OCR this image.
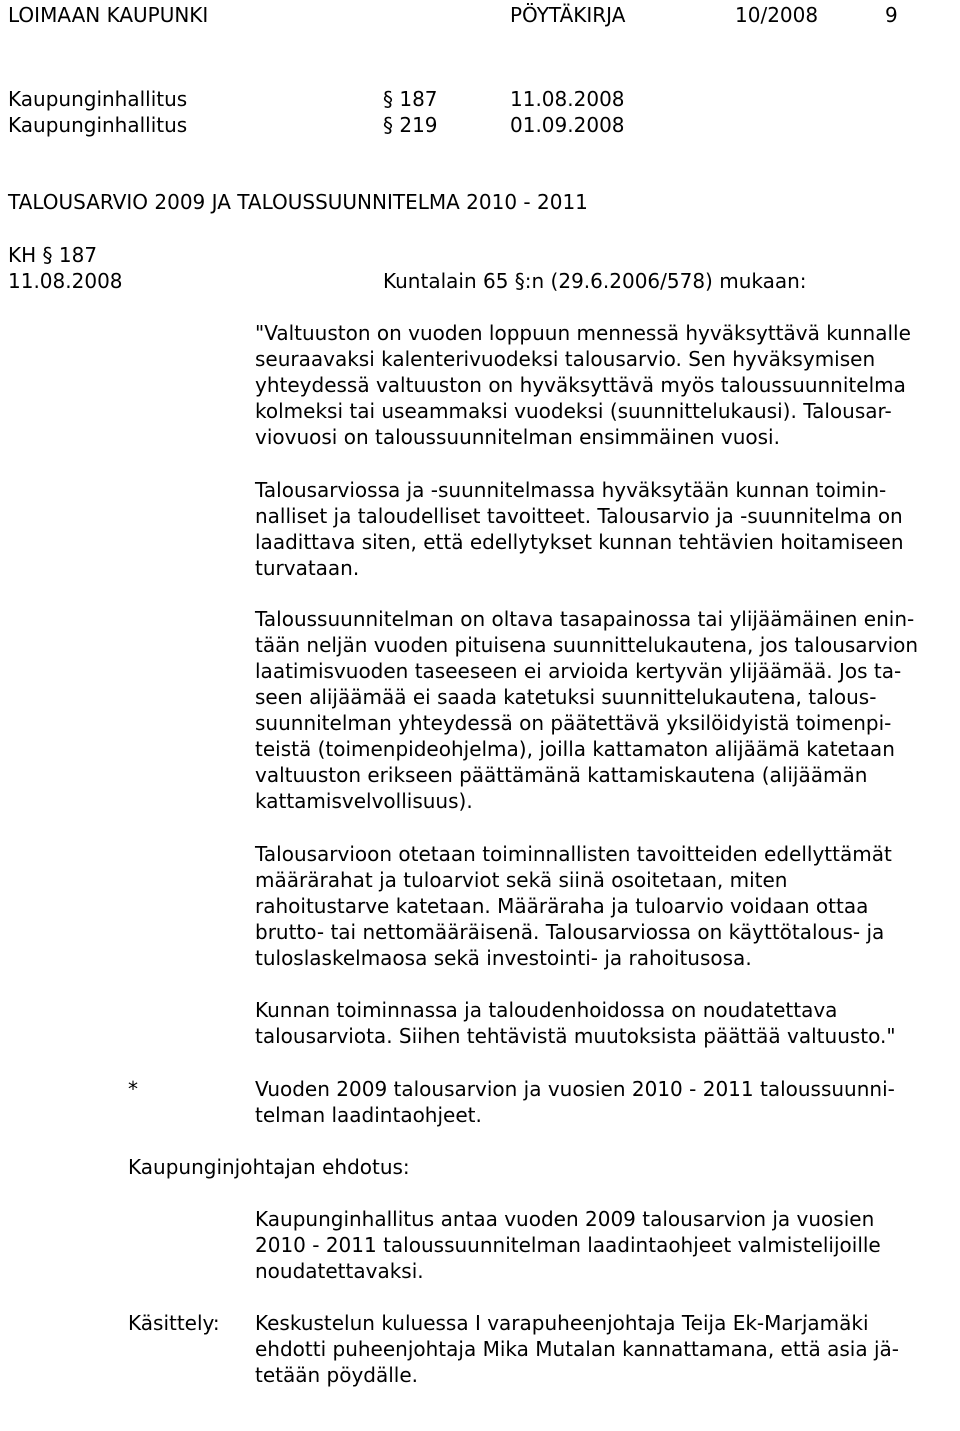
LOIMAAN KAUPUNKI	PÖYTÄKIRJA	10/2008	9
Kaupunginhallitus	§ 187	11.08.2008
Kaupunginhallitus	§ 219	01.09.2008
TALOUSARVIO 2009 JA TALOUSSUUNNITELMA 2010 - 2011
KH § 187
11.08.2008	Kuntalain 65 §:n (29.6.2006/578) mukaan:
"Valtuuston on vuoden loppuun mennessä hyväksyttävä kunnalle
seuraavaksi kalenterivuodeksi talousarvio. Sen hyväksymisen
yhteydessä valtuuston on hyväksyttävä myös taloussuunnitelma
kolmeksi tai useammaksi vuodeksi (suunnittelukausi). Talousar-
viovuosi on taloussuunnitelman ensimmäinen vuosi.
Talousarviossa ja -suunnitelmassa hyväksytään kunnan toimin-
nalliset ja taloudelliset tavoitteet. Talousarvio ja -suunnitelma on
laadittava siten, että edellytykset kunnan tehtävien hoitamiseen
turvataan.
Taloussuunnitelman on oltava tasapainossa tai ylijäämäinen enin-
tään neljän vuoden pituisena suunnittelukautena, jos talousarvion
laatimisvuoden taseeseen ei arvioida kertyvän ylijäämää. Jos ta-
seen alijäämää ei saada katetuksi suunnittelukautena, talous-
suunnitelman yhteydessä on päätettävä yksilöidyistä toimenpi-
teistä (toimenpideohjelma), joilla kattamaton alijäämä katetaan
valtuuston erikseen päättämänä kattamiskautena (alijäämän
kattamisvelvollisuus).
Talousarvioon otetaan toiminnallisten tavoitteiden edellyttämät
määrärahat ja tuloarviot sekä siinä osoitetaan, miten
rahoitustarve katetaan. Määräraha ja tuloarvio voidaan ottaa
brutto- tai nettomääräisenä. Talousarviossa on käyttötalous- ja
tuloslaskelmaosa sekä investointi- ja rahoitusosa.
Kunnan toiminnassa ja taloudenhoidossa on noudatettava
talousarviota. Siihen tehtävistä muutoksista päättää valtuusto."
*	Vuoden 2009 talousarvion ja vuosien 2010 - 2011 taloussuunni-
telman laadintaohjeet.
Kaupunginjohtajan ehdotus:
Kaupunginhallitus antaa vuoden 2009 talousarvion ja vuosien
2010 - 2011 taloussuunnitelman laadintaohjeet valmistelijoille
noudatettavaksi.
Käsittely: Keskustelun kuluessa I varapuheenjohtaja Teija Ek-Marjamäki
ehdotti puheenjohtaja Mika Mutalan kannattamana, että asia jä-
tetään pöydälle.
